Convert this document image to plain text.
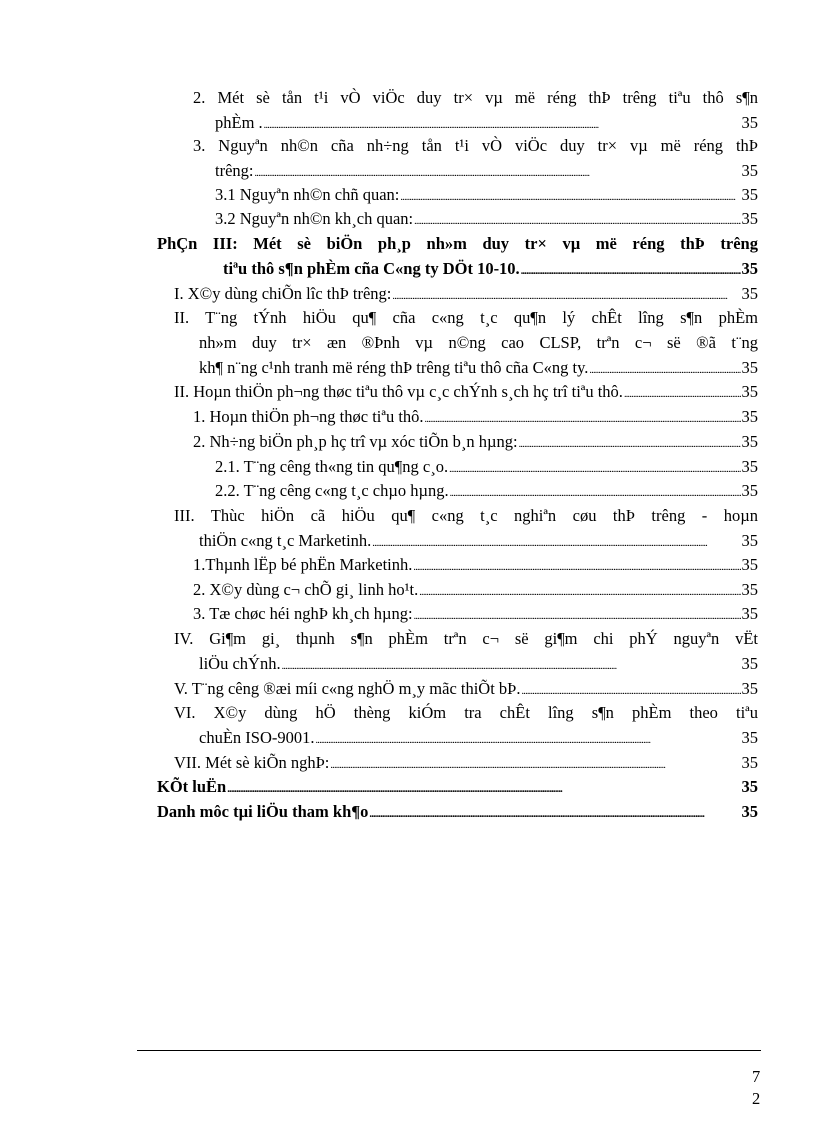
2. Mét sè tån t¹i vÒ viÖc duy tr× vµ më réng thÞ trêng tiªu thô s¶n
phÈm . . . .	35
3. Nguyªn nh©n cña nh÷ng tån t¹i vÒ viÖc duy tr× vµ më réng thÞ
trêng: . . .	35
3.1 Nguyªn nh©n chñ quan: . . .	35
3.2 Nguyªn nh©n kh¸ch quan: . . .	35
PhÇn III: Mét sè biÖn ph¸p nh»m duy tr× vµ më réng thÞ trêng
tiªu thô s¶n phÈm cña C«ng ty DÖt 10-10. . . .	35
I. X©y dùng chiÕn lîc thÞ trêng: . . .	35
II. T¨ng tÝnh hiÖu qu¶ cña c«ng t¸c qu¶n lý chÊt lîng s¶n phÈm
nh»m duy tr× æn ®Þnh vµ n©ng cao CLSP, trªn c¬ së ®ã t¨ng
kh¶ n¨ng c¹nh tranh më réng thÞ trêng tiªu thô cña C«ng ty. . . .	35
II. Hoµn thiÖn ph¬ng thøc tiªu thô vµ c¸c chÝnh s¸ch hç trî tiªu thô. . . .	35
1. Hoµn thiÖn ph¬ng thøc tiªu thô. . . .	35
2. Nh÷ng biÖn ph¸p hç trî vµ xóc tiÕn b¸n hµng: . . .	35
2.1. T¨ng cêng th«ng tin qu¶ng c¸o. . . .	35
2.2. T¨ng cêng c«ng t¸c chµo hµng. . . .	35
III. Thùc hiÖn cã hiÖu qu¶ c«ng t¸c nghiªn cøu thÞ trêng - hoµn
thiÖn c«ng t¸c Marketinh. . . .	35
1.Thµnh lËp bé phËn Marketinh. . . .	35
2. X©y dùng c¬ chÕ gi¸ linh ho¹t. . . .	35
3. Tæ chøc héi nghÞ kh¸ch hµng: . . .	35
IV. Gi¶m gi¸ thµnh s¶n phÈm trªn c¬ së gi¶m chi phÝ nguyªn vËt
liÖu chÝnh. . . .	35
V. T¨ng cêng ®æi míi c«ng nghÖ m¸y mãc thiÕt bÞ. . . .	35
VI. X©y dùng hÖ thèng kiÓm tra chÊt lîng s¶n phÈm theo tiªu
chuÈn ISO-9001. . . .	35
VII. Mét sè kiÕn nghÞ: . . .	35
KÕt luËn . . .	35
Danh môc tµi liÖu tham kh¶o . . .	35
7
2
